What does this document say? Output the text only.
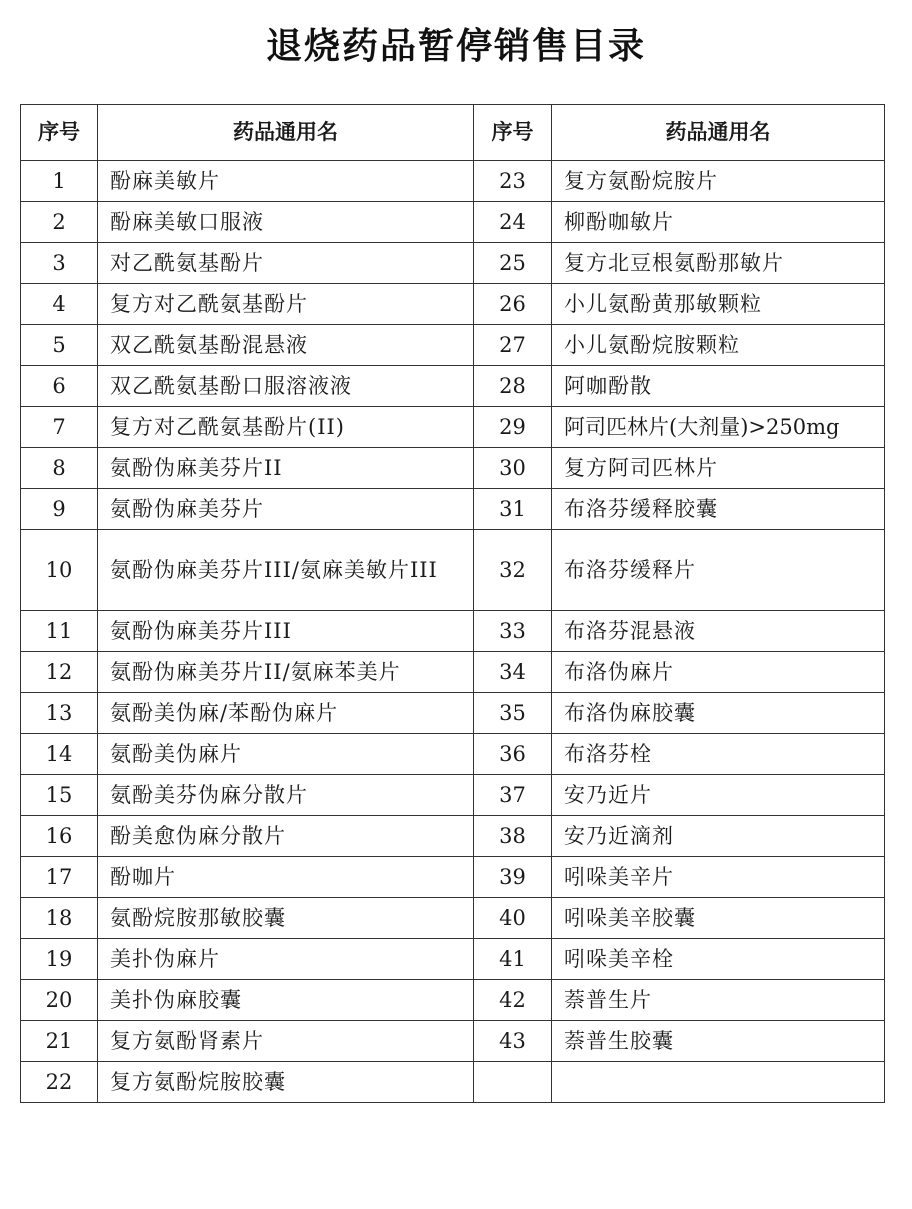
退烧药品暂停销售目录
序号	药品通用名	序号	药品通用名
1	酚麻美敏片	23	复方氨酚烷胺片
2	酚麻美敏口服液	24	柳酚咖敏片
3	对乙酰氨基酚片	25	复方北豆根氨酚那敏片
4	复方对乙酰氨基酚片	26	小儿氨酚黄那敏颗粒
5	双乙酰氨基酚混悬液	27	小儿氨酚烷胺颗粒
6	双乙酰氨基酚口服溶液液	28	阿咖酚散
7	复方对乙酰氨基酚片(II)	29	阿司匹林片(大剂量)>250mg
8	氨酚伪麻美芬片II	30	复方阿司匹林片
9	氨酚伪麻美芬片	31	布洛芬缓释胶囊
10	氨酚伪麻美芬片III/氨麻美敏片III	32	布洛芬缓释片
11	氨酚伪麻美芬片III	33	布洛芬混悬液
12	氨酚伪麻美芬片II/氨麻苯美片	34	布洛伪麻片
13	氨酚美伪麻/苯酚伪麻片	35	布洛伪麻胶囊
14	氨酚美伪麻片	36	布洛芬栓
15	氨酚美芬伪麻分散片	37	安乃近片
16	酚美愈伪麻分散片	38	安乃近滴剂
17	酚咖片	39	吲哚美辛片
18	氨酚烷胺那敏胶囊	40	吲哚美辛胶囊
19	美扑伪麻片	41	吲哚美辛栓
20	美扑伪麻胶囊	42	萘普生片
21	复方氨酚肾素片	43	萘普生胶囊
22	复方氨酚烷胺胶囊		
